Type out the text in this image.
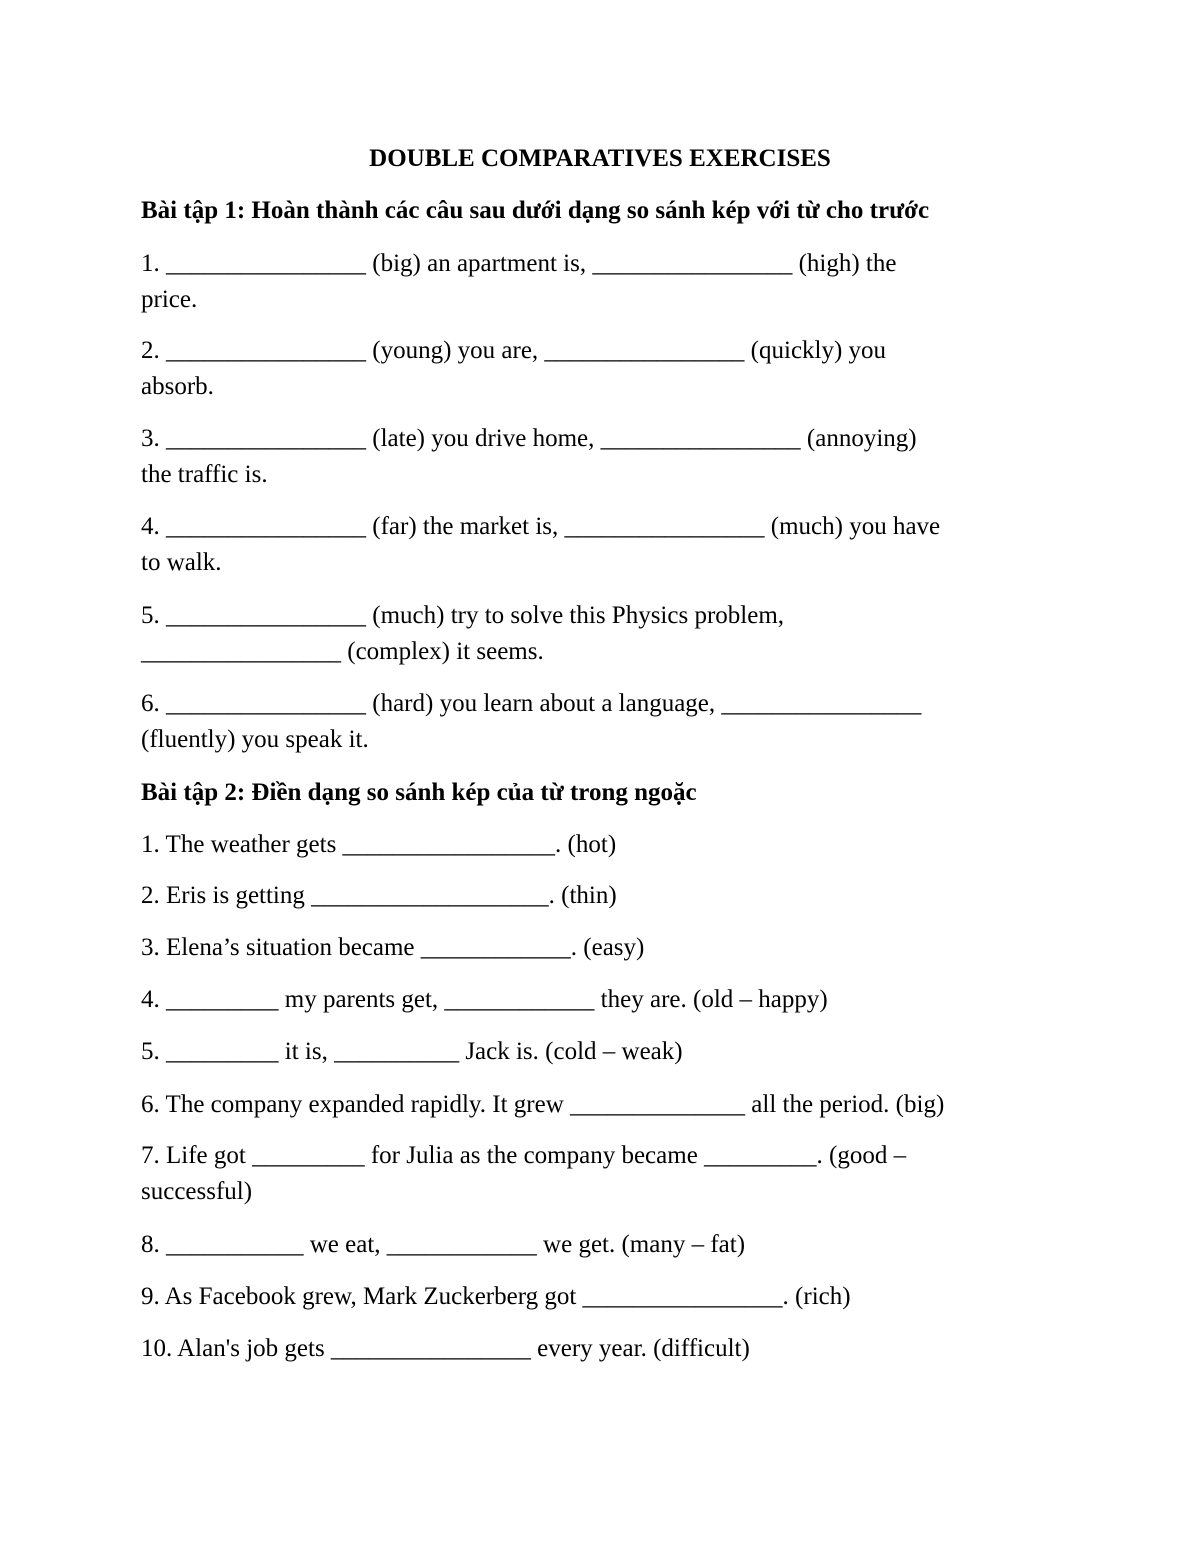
DOUBLE COMPARATIVES EXERCISES
Bài tập 1: Hoàn thành các câu sau dưới dạng so sánh kép với từ cho trước
1. ________________ (big) an apartment is, ________________ (high) the
price.
2. ________________ (young) you are, ________________ (quickly) you
absorb.
3. ________________ (late) you drive home, ________________ (annoying)
the traffic is.
4. ________________ (far) the market is, ________________ (much) you have
to walk.
5. ________________ (much) try to solve this Physics problem,
________________ (complex) it seems.
6. ________________ (hard) you learn about a language, ________________
(fluently) you speak it.
Bài tập 2: Điền dạng so sánh kép của từ trong ngoặc
1. The weather gets _________________. (hot)
2. Eris is getting ___________________. (thin)
3. Elena’s situation became ____________. (easy)
4. _________ my parents get, ____________ they are. (old – happy)
5. _________ it is, __________ Jack is. (cold – weak)
6. The company expanded rapidly. It grew ______________ all the period. (big)
7. Life got _________ for Julia as the company became _________. (good –
successful)
8. ___________ we eat, ____________ we get. (many – fat)
9. As Facebook grew, Mark Zuckerberg got ________________. (rich)
10. Alan's job gets ________________ every year. (difficult)
